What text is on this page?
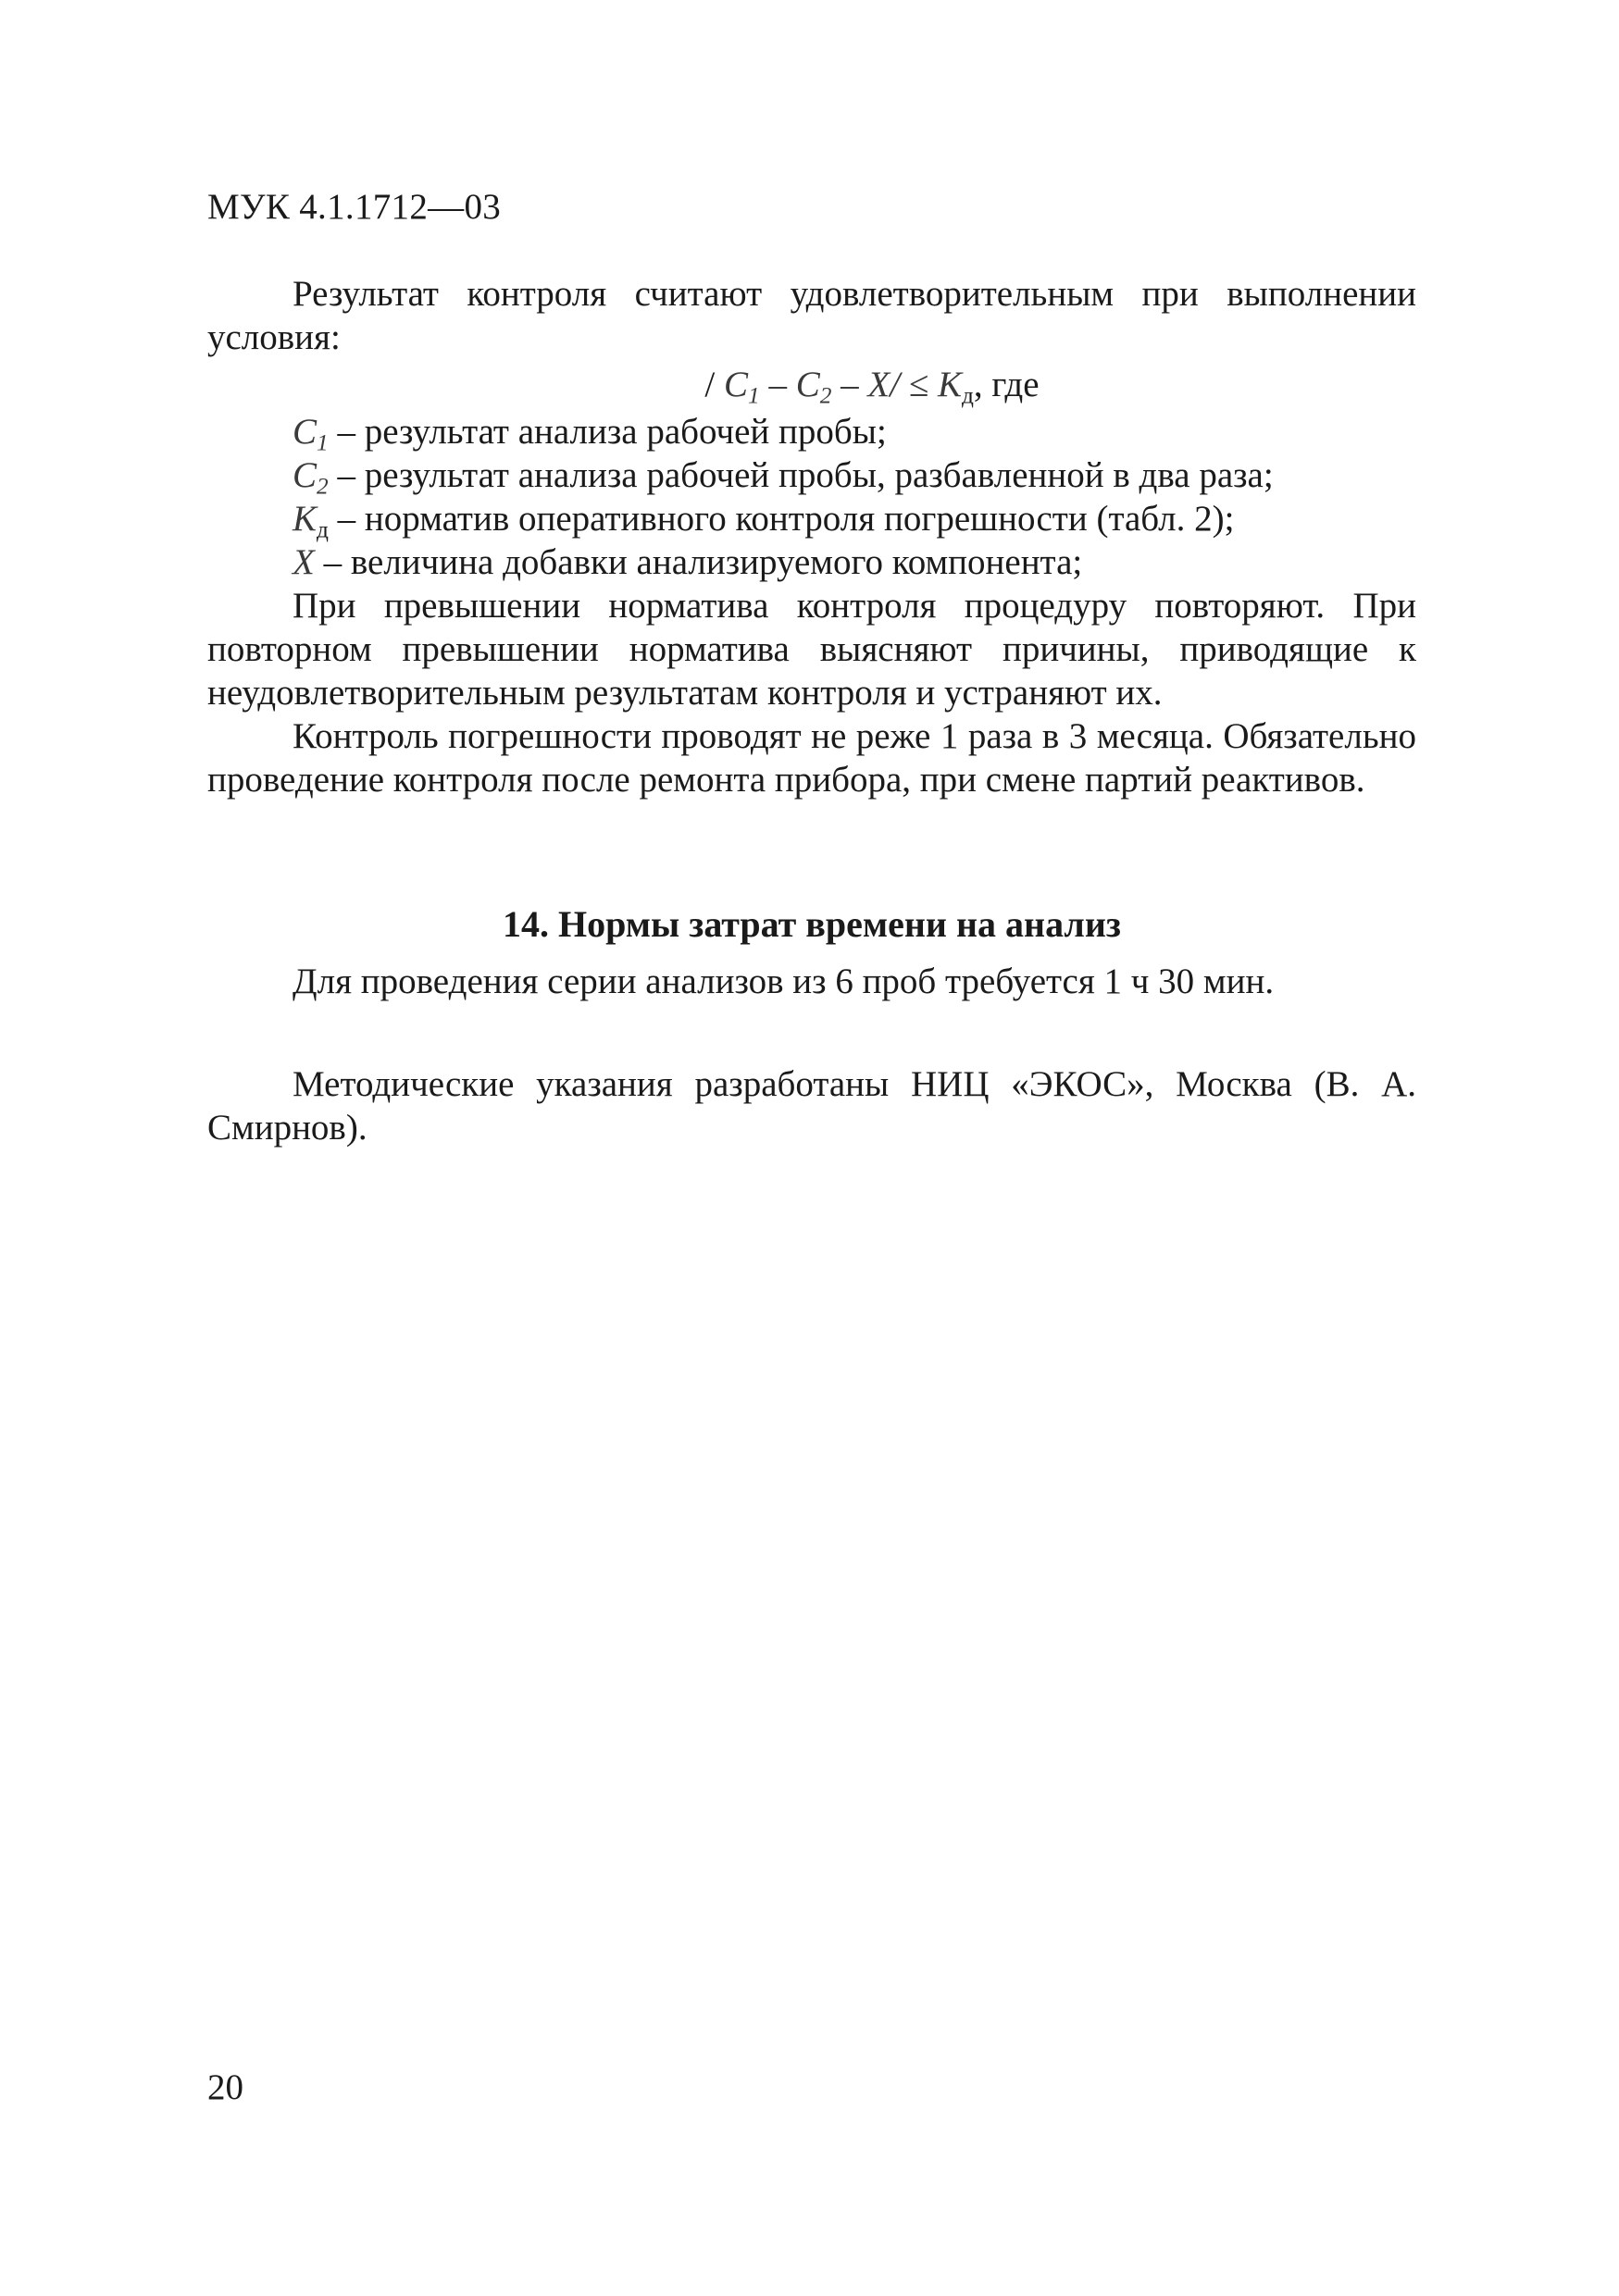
МУК 4.1.1712—03

Результат контроля считают удовлетворительным при выполнении условия:

/ $C_1 - C_2 - X/ \le K_д$, где

$C_1$ – результат анализа рабочей пробы;
$C_2$ – результат анализа рабочей пробы, разбавленной в два раза;
$K_д$ – норматив оперативного контроля погрешности (табл. 2);
X – величина добавки анализируемого компонента;

При превышении норматива контроля процедуру повторяют. При повторном превышении норматива выясняют причины, приводящие к неудовлетворительным результатам контроля и устраняют их.

Контроль погрешности проводят не реже 1 раза в 3 месяца. Обязательно проведение контроля после ремонта прибора, при смене партий реактивов.

14. Нормы затрат времени на анализ

Для проведения серии анализов из 6 проб требуется 1 ч 30 мин.

Методические указания разработаны НИЦ «ЭКОС», Москва (В. А. Смирнов).

20
